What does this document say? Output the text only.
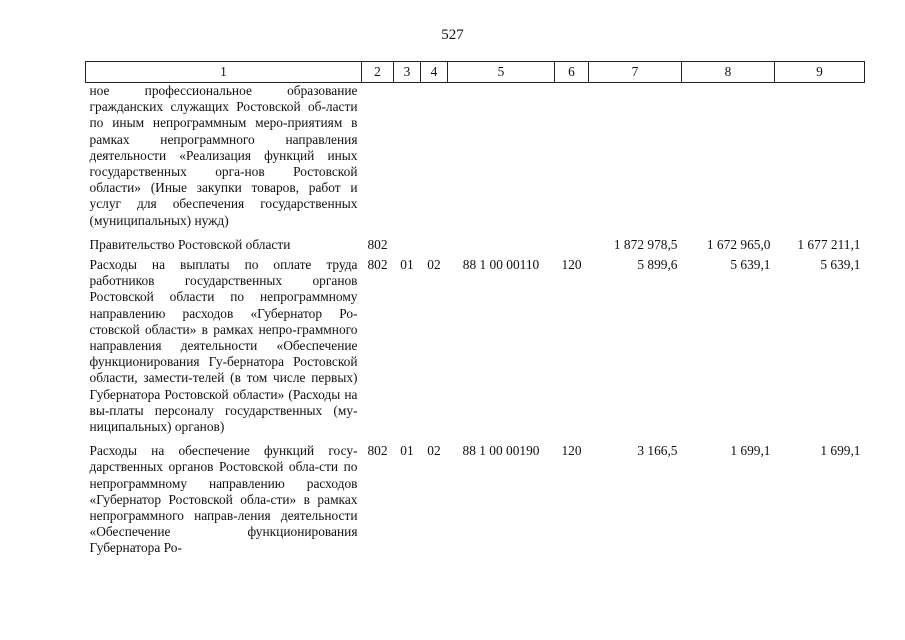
527
1	2	3	4	5	6	7	8	9
ное профессиональное образование гражданских служащих Ростовской об-ласти по иным непрограммным меро-приятиям в рамках непрограммного направления деятельности «Реализация функций иных государственных орга-нов Ростовской области» (Иные закупки товаров, работ и услуг для обеспечения государственных (муниципальных) нужд)								

Правительство Ростовской области	802					1 872 978,5	1 672 965,0	1 677 211,1

Расходы на выплаты по оплате труда работников государственных органов Ростовской области по непрограммному направлению расходов «Губернатор Ро-стовской области» в рамках непро-граммного направления деятельности «Обеспечение функционирования Гу-бернатора Ростовской области, замести-телей (в том числе первых) Губернатора Ростовской области» (Расходы на вы-платы персоналу государственных (му-ниципальных) органов)	802	01	02	88 1 00 00110	120	5 899,6	5 639,1	5 639,1

Расходы на обеспечение функций госу-дарственных органов Ростовской обла-сти по непрограммному направлению расходов «Губернатор Ростовской обла-сти» в рамках непрограммного направ-ления деятельности «Обеспечение функционирования Губернатора Ро-	802	01	02	88 1 00 00190	120	3 166,5	1 699,1	1 699,1
